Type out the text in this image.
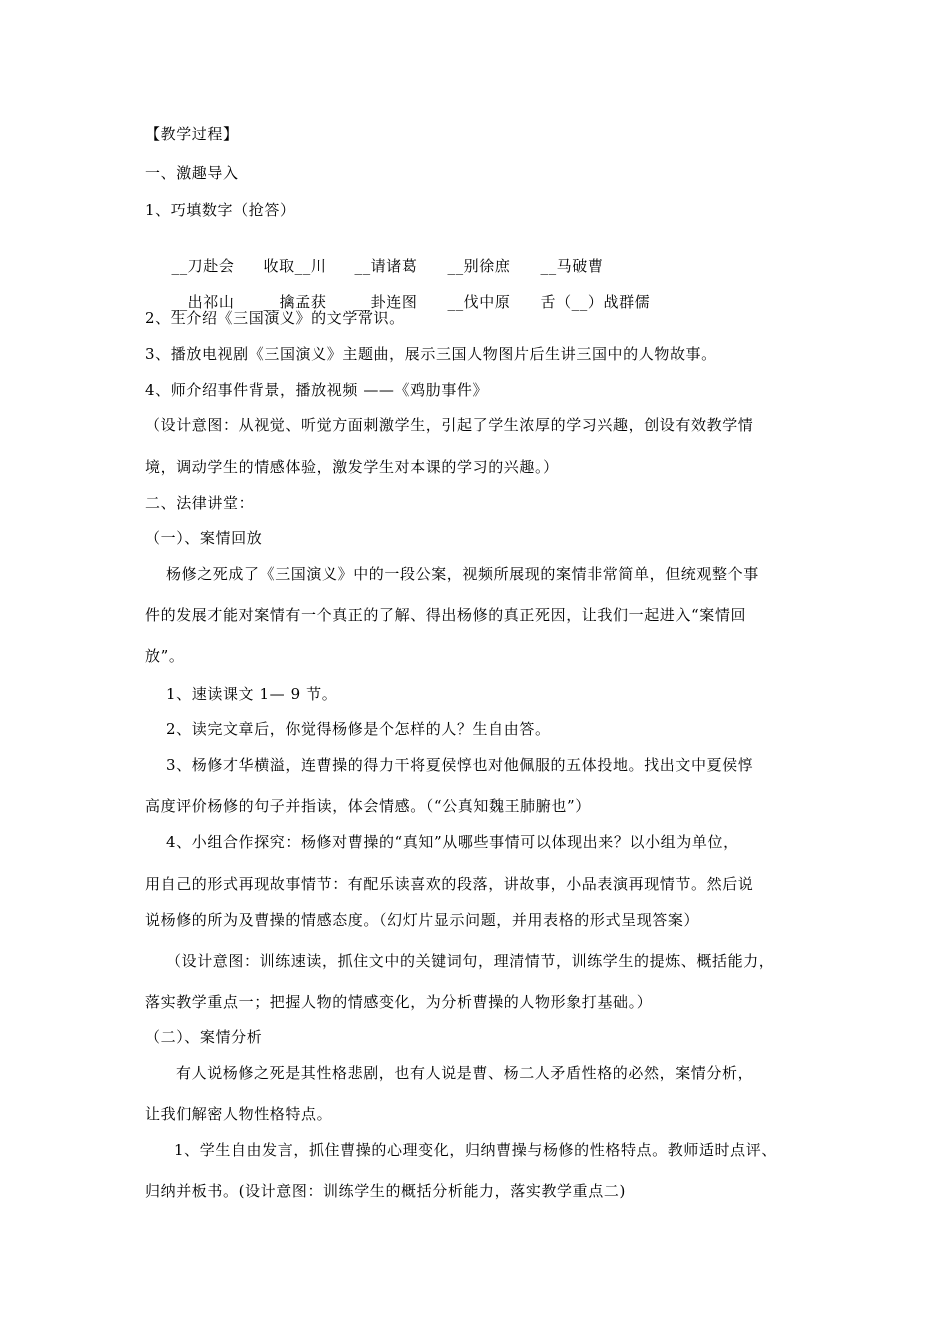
【教学过程】
一、激趣导入
1、巧填数字（抢答）

__刀赴会 收取__川 __请诸葛 __别徐庶 __马破曹

__出祁山 __擒孟获 __卦连图 __伐中原 舌（__）战群儒

2、生介绍《三国演义》的文学常识。
3、播放电视剧《三国演义》主题曲，展示三国人物图片后生讲三国中的人物故事。
4、师介绍事件背景，播放视频 ——《鸡肋事件》
（设计意图：从视觉、听觉方面刺激学生，引起了学生浓厚的学习兴趣，创设有效教学情
境，调动学生的情感体验，激发学生对本课的学习的兴趣。）
二、法律讲堂：
（一）、案情回放
杨修之死成了《三国演义》中的一段公案，视频所展现的案情非常简单，但统观整个事
件的发展才能对案情有一个真正的了解、得出杨修的真正死因，让我们一起进入“案情回
放”。
1、速读课文 1— 9 节。
2、读完文章后，你觉得杨修是个怎样的人？生自由答。
3、杨修才华横溢，连曹操的得力干将夏侯惇也对他佩服的五体投地。找出文中夏侯惇
高度评价杨修的句子并指读，体会情感。（“公真知魏王肺腑也”）
4、小组合作探究：杨修对曹操的“真知”从哪些事情可以体现出来？以小组为单位，
用自己的形式再现故事情节：有配乐读喜欢的段落，讲故事，小品表演再现情节。然后说
说杨修的所为及曹操的情感态度。（幻灯片显示问题，并用表格的形式呈现答案）
（设计意图：训练速读，抓住文中的关键词句，理清情节，训练学生的提炼、概括能力，
落实教学重点一；把握人物的情感变化，为分析曹操的人物形象打基础。）
（二）、案情分析
有人说杨修之死是其性格悲剧，也有人说是曹、杨二人矛盾性格的必然，案情分析，
让我们解密人物性格特点。
1、学生自由发言，抓住曹操的心理变化，归纳曹操与杨修的性格特点。教师适时点评、
归纳并板书。(设计意图：训练学生的概括分析能力，落实教学重点二)
